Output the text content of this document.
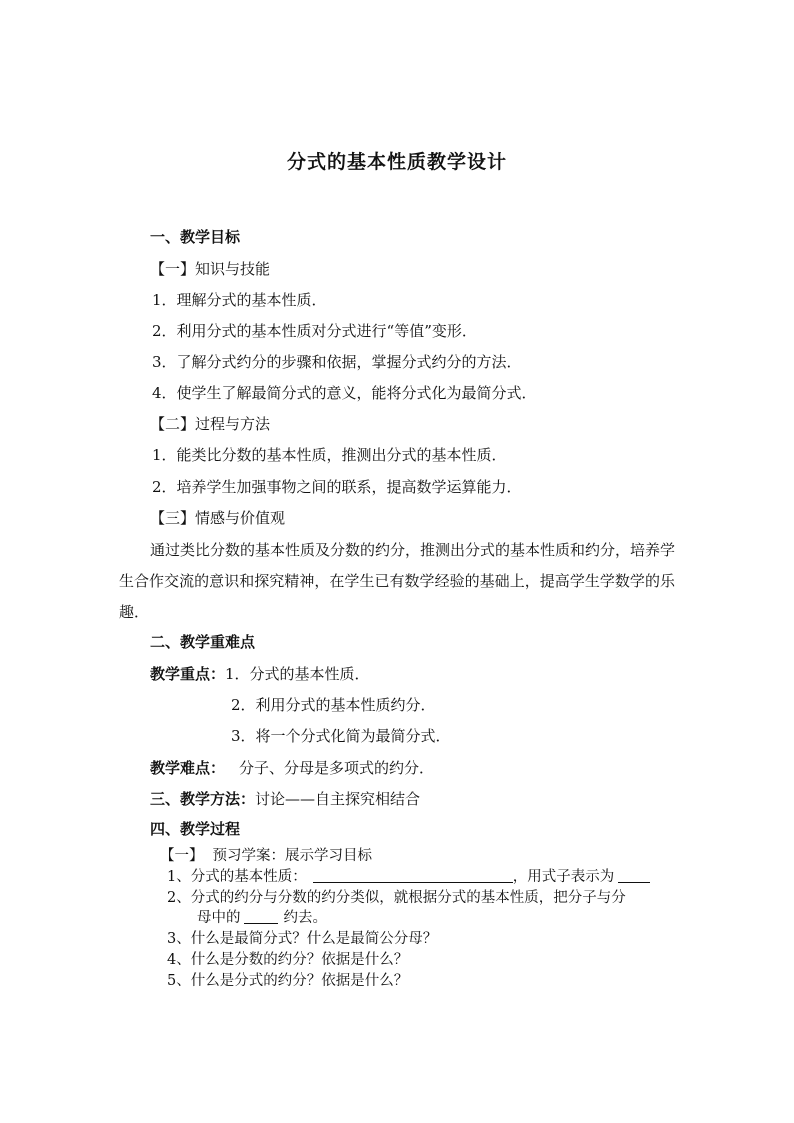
分式的基本性质教学设计
一、教学目标
【一】知识与技能
1．理解分式的基本性质．
2．利用分式的基本性质对分式进行“等值”变形．
3．了解分式约分的步骤和依据，掌握分式约分的方法．
4．使学生了解最简分式的意义，能将分式化为最简分式．
【二】过程与方法
1．能类比分数的基本性质，推测出分式的基本性质．
2．培养学生加强事物之间的联系，提高数学运算能力．
【三】情感与价值观
通过类比分数的基本性质及分数的约分，推测出分式的基本性质和约分，培养学生合作交流的意识和探究精神，在学生已有数学经验的基础上，提高学生学数学的乐趣．
二、教学重难点
教学重点：1．分式的基本性质．
2．利用分式的基本性质约分．
3．将一个分式化简为最简分式．
教学难点： 分子、分母是多项式的约分．
三、教学方法：讨论——自主探究相结合
四、教学过程
【一】 预习学案：展示学习目标
1、分式的基本性质：	，用式子表示为
2、分式的约分与分数的约分类似，就根据分式的基本性质，把分子与分
母中的	约去。
3、什么是最简分式？什么是最简公分母？
4、什么是分数的约分？依据是什么？
5、什么是分式的约分？依据是什么？
